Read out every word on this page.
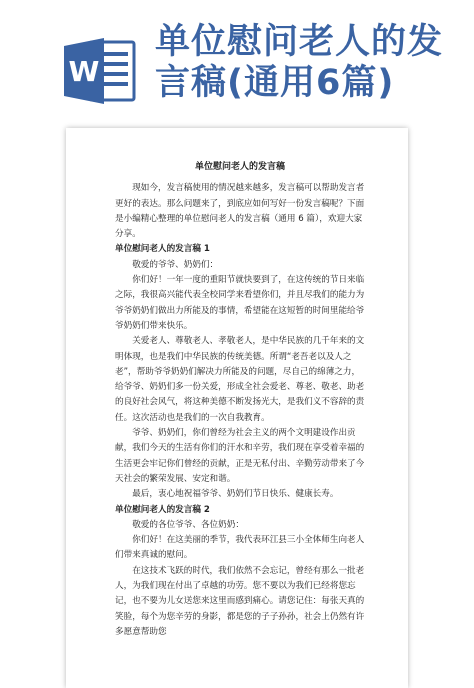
W
单位慰问老人的发言稿(通用6篇)
单位慰问老人的发言稿

现如今，发言稿使用的情况越来越多，发言稿可以帮助发言者更好的表达。那么问题来了，到底应如何写好一份发言稿呢？下面是小编精心整理的单位慰问老人的发言稿（通用 6 篇），欢迎大家分享。

单位慰问老人的发言稿 1

敬爱的爷爷、奶奶们：

你们好！一年一度的重阳节就快要到了，在这传统的节日来临之际，我很高兴能代表全校同学来看望你们，并且尽我们的能力为爷爷奶奶们做出力所能及的事情，希望能在这短暂的时间里能给爷爷奶奶们带来快乐。

关爱老人、尊敬老人、孝敬老人，是中华民族的几千年来的文明体现，也是我们中华民族的传统美德。所谓“老吾老以及人之老”，帮助爷爷奶奶们解决力所能及的问题，尽自己的绵薄之力，给爷爷、奶奶们多一份关爱，形成全社会爱老、尊老、敬老、助老的良好社会风气，将这种美德不断发扬光大，是我们义不容辞的责任。这次活动也是我们的一次自我教育。

爷爷、奶奶们，你们曾经为社会主义的两个文明建设作出贡献，我们今天的生活有你们的汗水和辛劳，我们现在享受着幸福的生活更会牢记你们曾经的贡献，正是无私付出、辛勤劳动带来了今天社会的繁荣发展、安定和谐。

最后，衷心地祝福爷爷、奶奶们节日快乐、健康长寿。

单位慰问老人的发言稿 2

敬爱的各位爷爷、各位奶奶：

你们好！在这美丽的季节，我代表环江县三小全体师生向老人们带来真诚的慰问。

在这技术飞跃的时代，我们依然不会忘记，曾经有那么一批老人，为我们现在付出了卓越的功劳。您不要以为我们已经将您忘记，也不要为儿女送您来这里而感到痛心。请您记住：每张天真的笑脸，每个为您辛劳的身影，都是您的子子孙孙，社会上仍然有许多愿意帮助您
